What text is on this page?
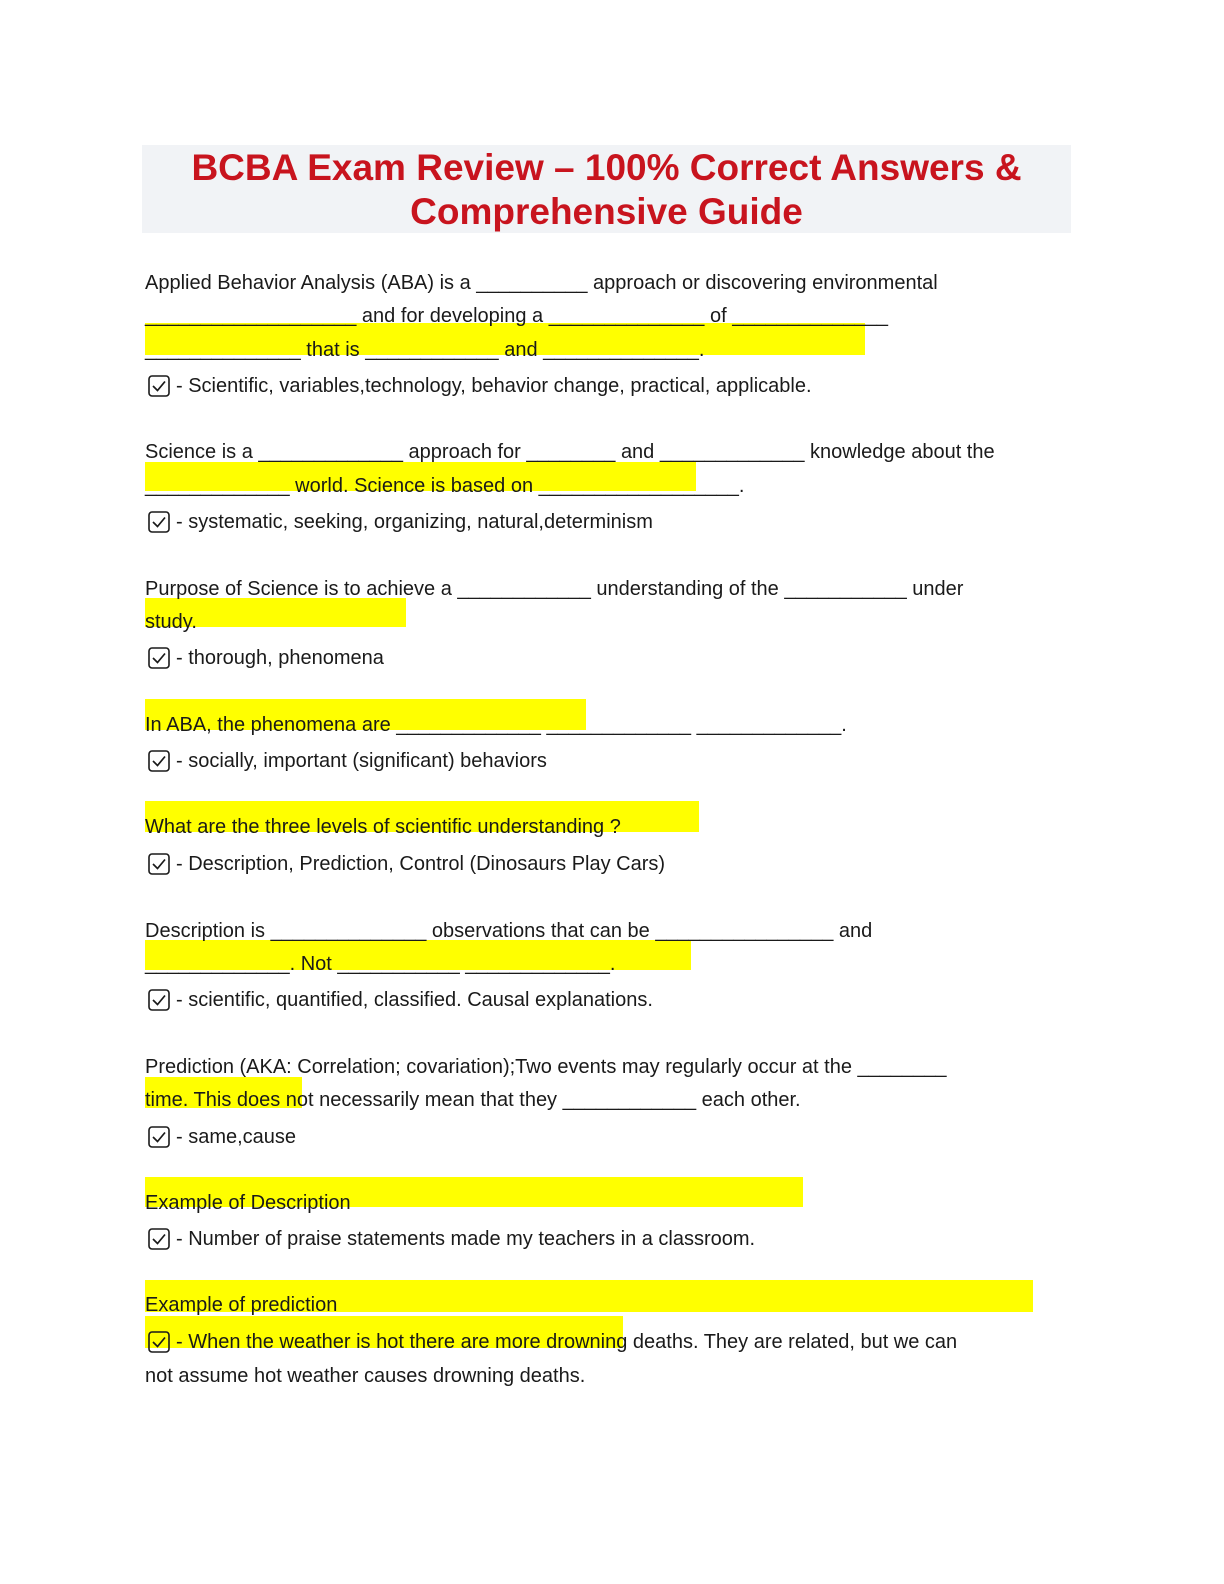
BCBA Exam Review – 100% Correct Answers &
Comprehensive Guide
Applied Behavior Analysis (ABA) is a __________ approach or discovering environmental
___________________ and for developing a ______________ of ______________
______________ that is ____________ and ______________.
- Scientific, variables,technology, behavior change, practical, applicable.
Science is a _____________ approach for ________ and _____________ knowledge about the
_____________ world. Science is based on __________________.
- systematic, seeking, organizing, natural,determinism
Purpose of Science is to achieve a ____________ understanding of the ___________ under
study.
- thorough, phenomena
In ABA, the phenomena are _____________ _____________ _____________.
- socially, important (significant) behaviors
What are the three levels of scientific understanding ?
- Description, Prediction, Control (Dinosaurs Play Cars)
Description is ______________ observations that can be ________________ and
_____________. Not ___________ _____________.
- scientific, quantified, classified. Causal explanations.
Prediction (AKA: Correlation; covariation);Two events may regularly occur at the ________
time. This does not necessarily mean that they ____________ each other.
- same,cause
Example of Description
- Number of praise statements made my teachers in a classroom.
Example of prediction
- When the weather is hot there are more drowning deaths. They are related, but we can
not assume hot weather causes drowning deaths.
